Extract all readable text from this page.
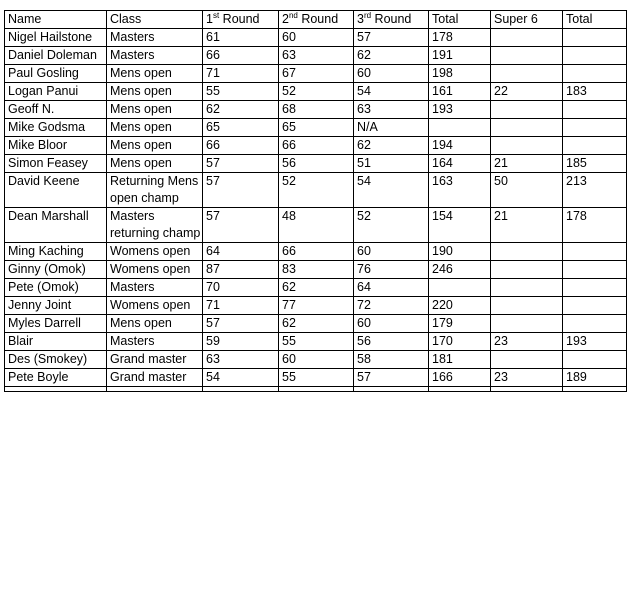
Name	Class	1st Round	2nd Round	3rd Round	Total	Super 6	Total
Nigel Hailstone	Masters	61	60	57	178		
Daniel Doleman	Masters	66	63	62	191		
Paul Gosling	Mens open	71	67	60	198		
Logan Panui	Mens open	55	52	54	161	22	183
Geoff N.	Mens open	62	68	63	193		
Mike Godsma	Mens open	65	65	N/A			
Mike Bloor	Mens open	66	66	62	194		
Simon Feasey	Mens open	57	56	51	164	21	185
David Keene	Returning Mens open champ	57	52	54	163	50	213
Dean Marshall	Masters returning champ	57	48	52	154	21	178
Ming Kaching	Womens open	64	66	60	190		
Ginny (Omok)	Womens open	87	83	76	246		
Pete (Omok)	Masters	70	62	64			
Jenny Joint	Womens open	71	77	72	220		
Myles Darrell	Mens open	57	62	60	179		
Blair	Masters	59	55	56	170	23	193
Des (Smokey)	Grand master	63	60	58	181		
Pete Boyle	Grand master	54	55	57	166	23	189
